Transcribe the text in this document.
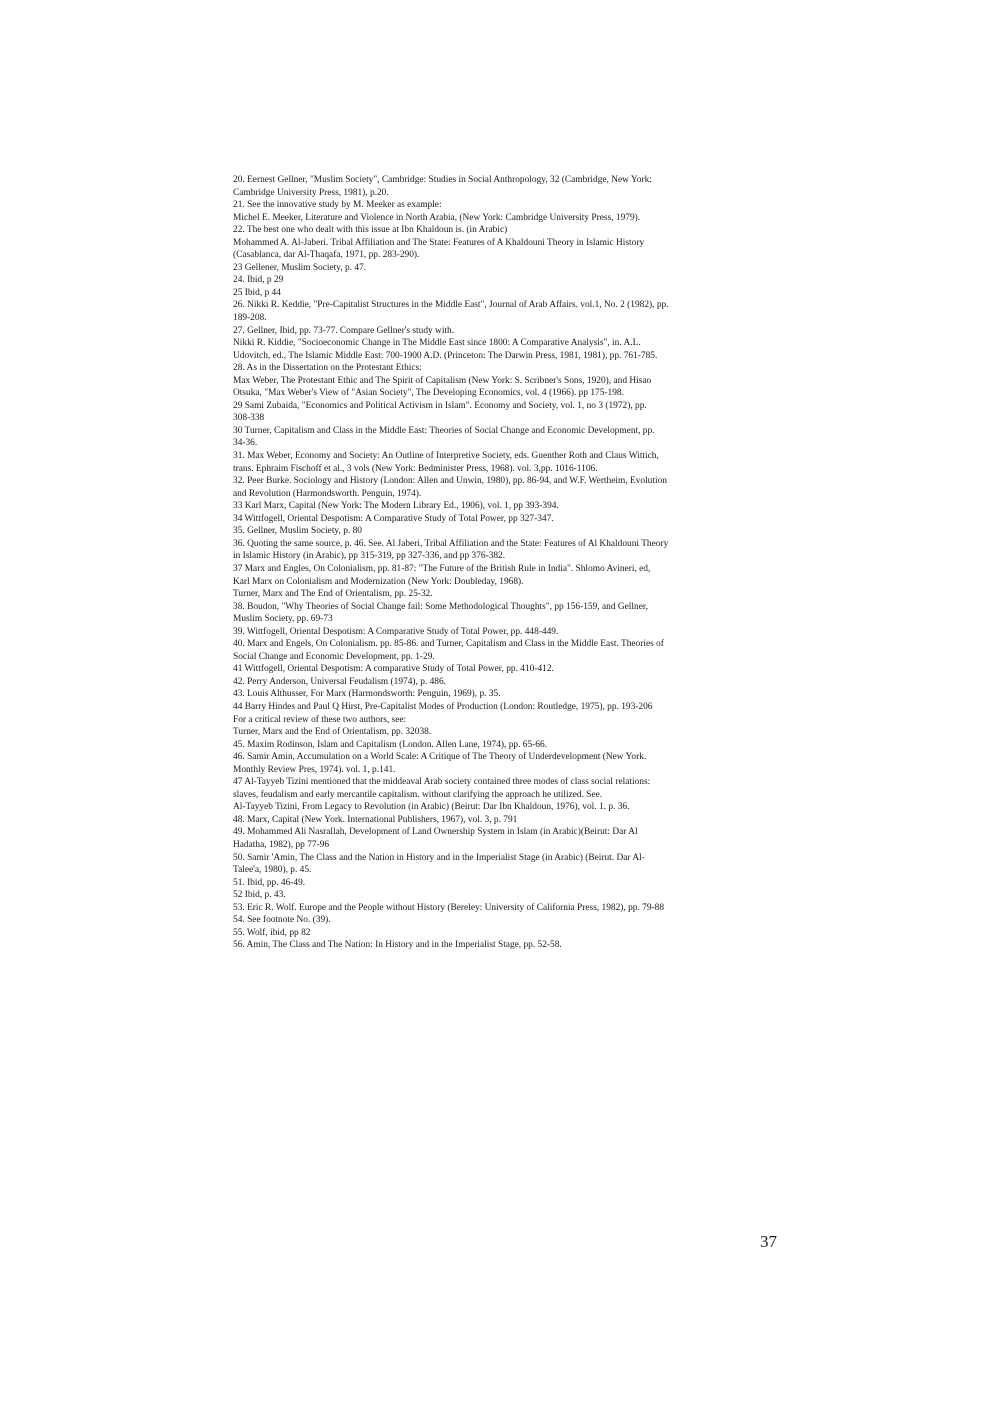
20. Eernest Gellner, "Muslim Society", Cambridge: Studies in Social Anthropology, 32 (Cambridge, New York:
Cambridge University Press, 1981), p.20.
21. See the innovative study by M. Meeker as example:
Michel E. Meeker, Literature and Violence in North Arabia, (New York: Cambridge University Press, 1979).
22. The best one who dealt with this issue at Ibn Khaldoun is. (in Arabic)
Mohammed A. Al-Jaberi. Tribal Affiliation and The State: Features of A Khaldouni Theory in Islamic History
(Casablanca, dar Al-Thaqafa, 1971, pp. 283-290).
23 Gellener, Muslim Society, p. 47.
24. Ibid, p 29
25 Ibid, p 44
26. Nikki R. Keddie, "Pre-Capitalist Structures in the Middle East", Journal of Arab Affairs. vol.1, No. 2 (1982), pp.
189-208.
27. Gellner, Ibid, pp. 73-77. Compare Gellner's study with.
Nikki R. Kiddie, "Socioeconomic Change in The Middle East since 1800: A Comparative Analysis", in. A.L.
Udovitch, ed., The Islamic Middle East: 700-1900 A.D. (Princeton: The Darwin Press, 1981, 1981), pp. 761-785.
28. As in the Dissertation on the Protestant Ethics:
Max Weber, The Protestant Ethic and The Spirit of Capitalism (New York: S. Scribner's Sons, 1920), and Hisao
Otsuka, "Max Weber's View of "Asian Society", The Developing Economics, vol. 4 (1966). pp 175-198.
29 Sami Zubaida, "Economics and Political Activism in Islam". Economy and Society, vol. 1, no 3 (1972), pp.
308-338
30 Turner, Capitalism and Class in the Middle East: Theories of Social Change and Economic Development, pp.
34-36.
31. Max Weber, Economy and Society: An Outline of Interpretive Society, eds. Guenther Roth and Claus Wittich,
trans. Ephraim Fischoff et al., 3 vols (New York: Bedminister Press, 1968). vol. 3,pp. 1016-1106.
32. Peer Burke. Sociology and History (London: Allen and Unwin, 1980), pp. 86-94, and W.F. Wertheim, Evolution
and Revolution (Harmondsworth. Penguin, 1974).
33 Karl Marx, Capital (New York: The Modern Library Ed., 1906), vol. 1, pp 393-394.
34 Wittfogell, Oriental Despotism: A Comparative Study of Total Power, pp 327-347.
35. Gellner, Muslim Society, p. 80
36. Quoting the same source, p. 46. See. Al Jaberi, Tribal Affiliation and the State: Features of Al Khaldouni Theory
in Islamic History (in Arabic), pp 315-319, pp 327-336, and pp 376-382.
37 Marx and Engles, On Colonialism, pp. 81-87: "The Future of the British Rule in India". Shlomo Avineri, ed,
Karl Marx on Colonialism and Modernization (New York: Doubleday, 1968).
Turner, Marx and The End of Orientalism, pp. 25-32.
38. Boudon, "Why Theories of Social Change fail: Some Methodological Thoughts", pp 156-159, and Gellner,
Muslim Society, pp. 69-73
39. Wittfogell, Oriental Despotism: A Comparative Study of Total Power, pp. 448-449.
40. Marx and Engels, On Colonialism. pp. 85-86. and Turner, Capitalism and Class in the Middle East. Theories of
Social Change and Economic Development, pp. 1-29.
41 Wittfogell, Oriental Despotism: A comparative Study of Total Power, pp. 410-412.
42. Perry Anderson, Universal Feudalism (1974), p. 486.
43. Louis Althusser, For Marx (Harmondsworth: Penguin, 1969), p. 35.
44 Barry Hindes and Paul Q Hirst, Pre-Capitalist Modes of Production (London: Routledge, 1975), pp. 193-206
For a critical review of these two authors, see:
Turner, Marx and the End of Orientalism, pp. 32038.
45. Maxim Rodinson, Islam and Capitalism (London. Allen Lane, 1974), pp. 65-66.
46. Samir Amin, Accumulation on a World Scale: A Critique of The Theory of Underdevelopment (New York.
Monthly Review Pres, 1974). vol. 1, p.141.
47 Al-Tayyeb Tizini mentioned that the middeaval Arab society contained three modes of class social relations:
slaves, feudalism and early mercantile capitalism. without clarifying the approach he utilized. See.
Al-Tayyeb Tizini, From Legacy to Revolution (in Arabic) (Beirut: Dar Ibn Khaldoun, 1976), vol. 1. p. 36.
48. Marx, Capital (New York. International Publishers, 1967), vol. 3, p. 791
49. Mohammed Ali Nasrallah, Development of Land Ownership System in Islam (in Arabic)(Beirut: Dar Al
Hadatha, 1982), pp 77-96
50. Samir 'Amin, The Class and the Nation in History and in the Imperialist Stage (in Arabic) (Beirut. Dar Al-
Talee'a, 1980), p. 45.
51. Ibid, pp. 46-49.
52 Ibid, p. 43.
53. Eric R. Wolf. Europe and the People without History (Bereley: University of California Press, 1982), pp. 79-88
54. See footnote No. (39).
55. Wolf, ibid, pp 82
56. Amin, The Class and The Nation: In History and in the Imperialist Stage, pp. 52-58.
37
